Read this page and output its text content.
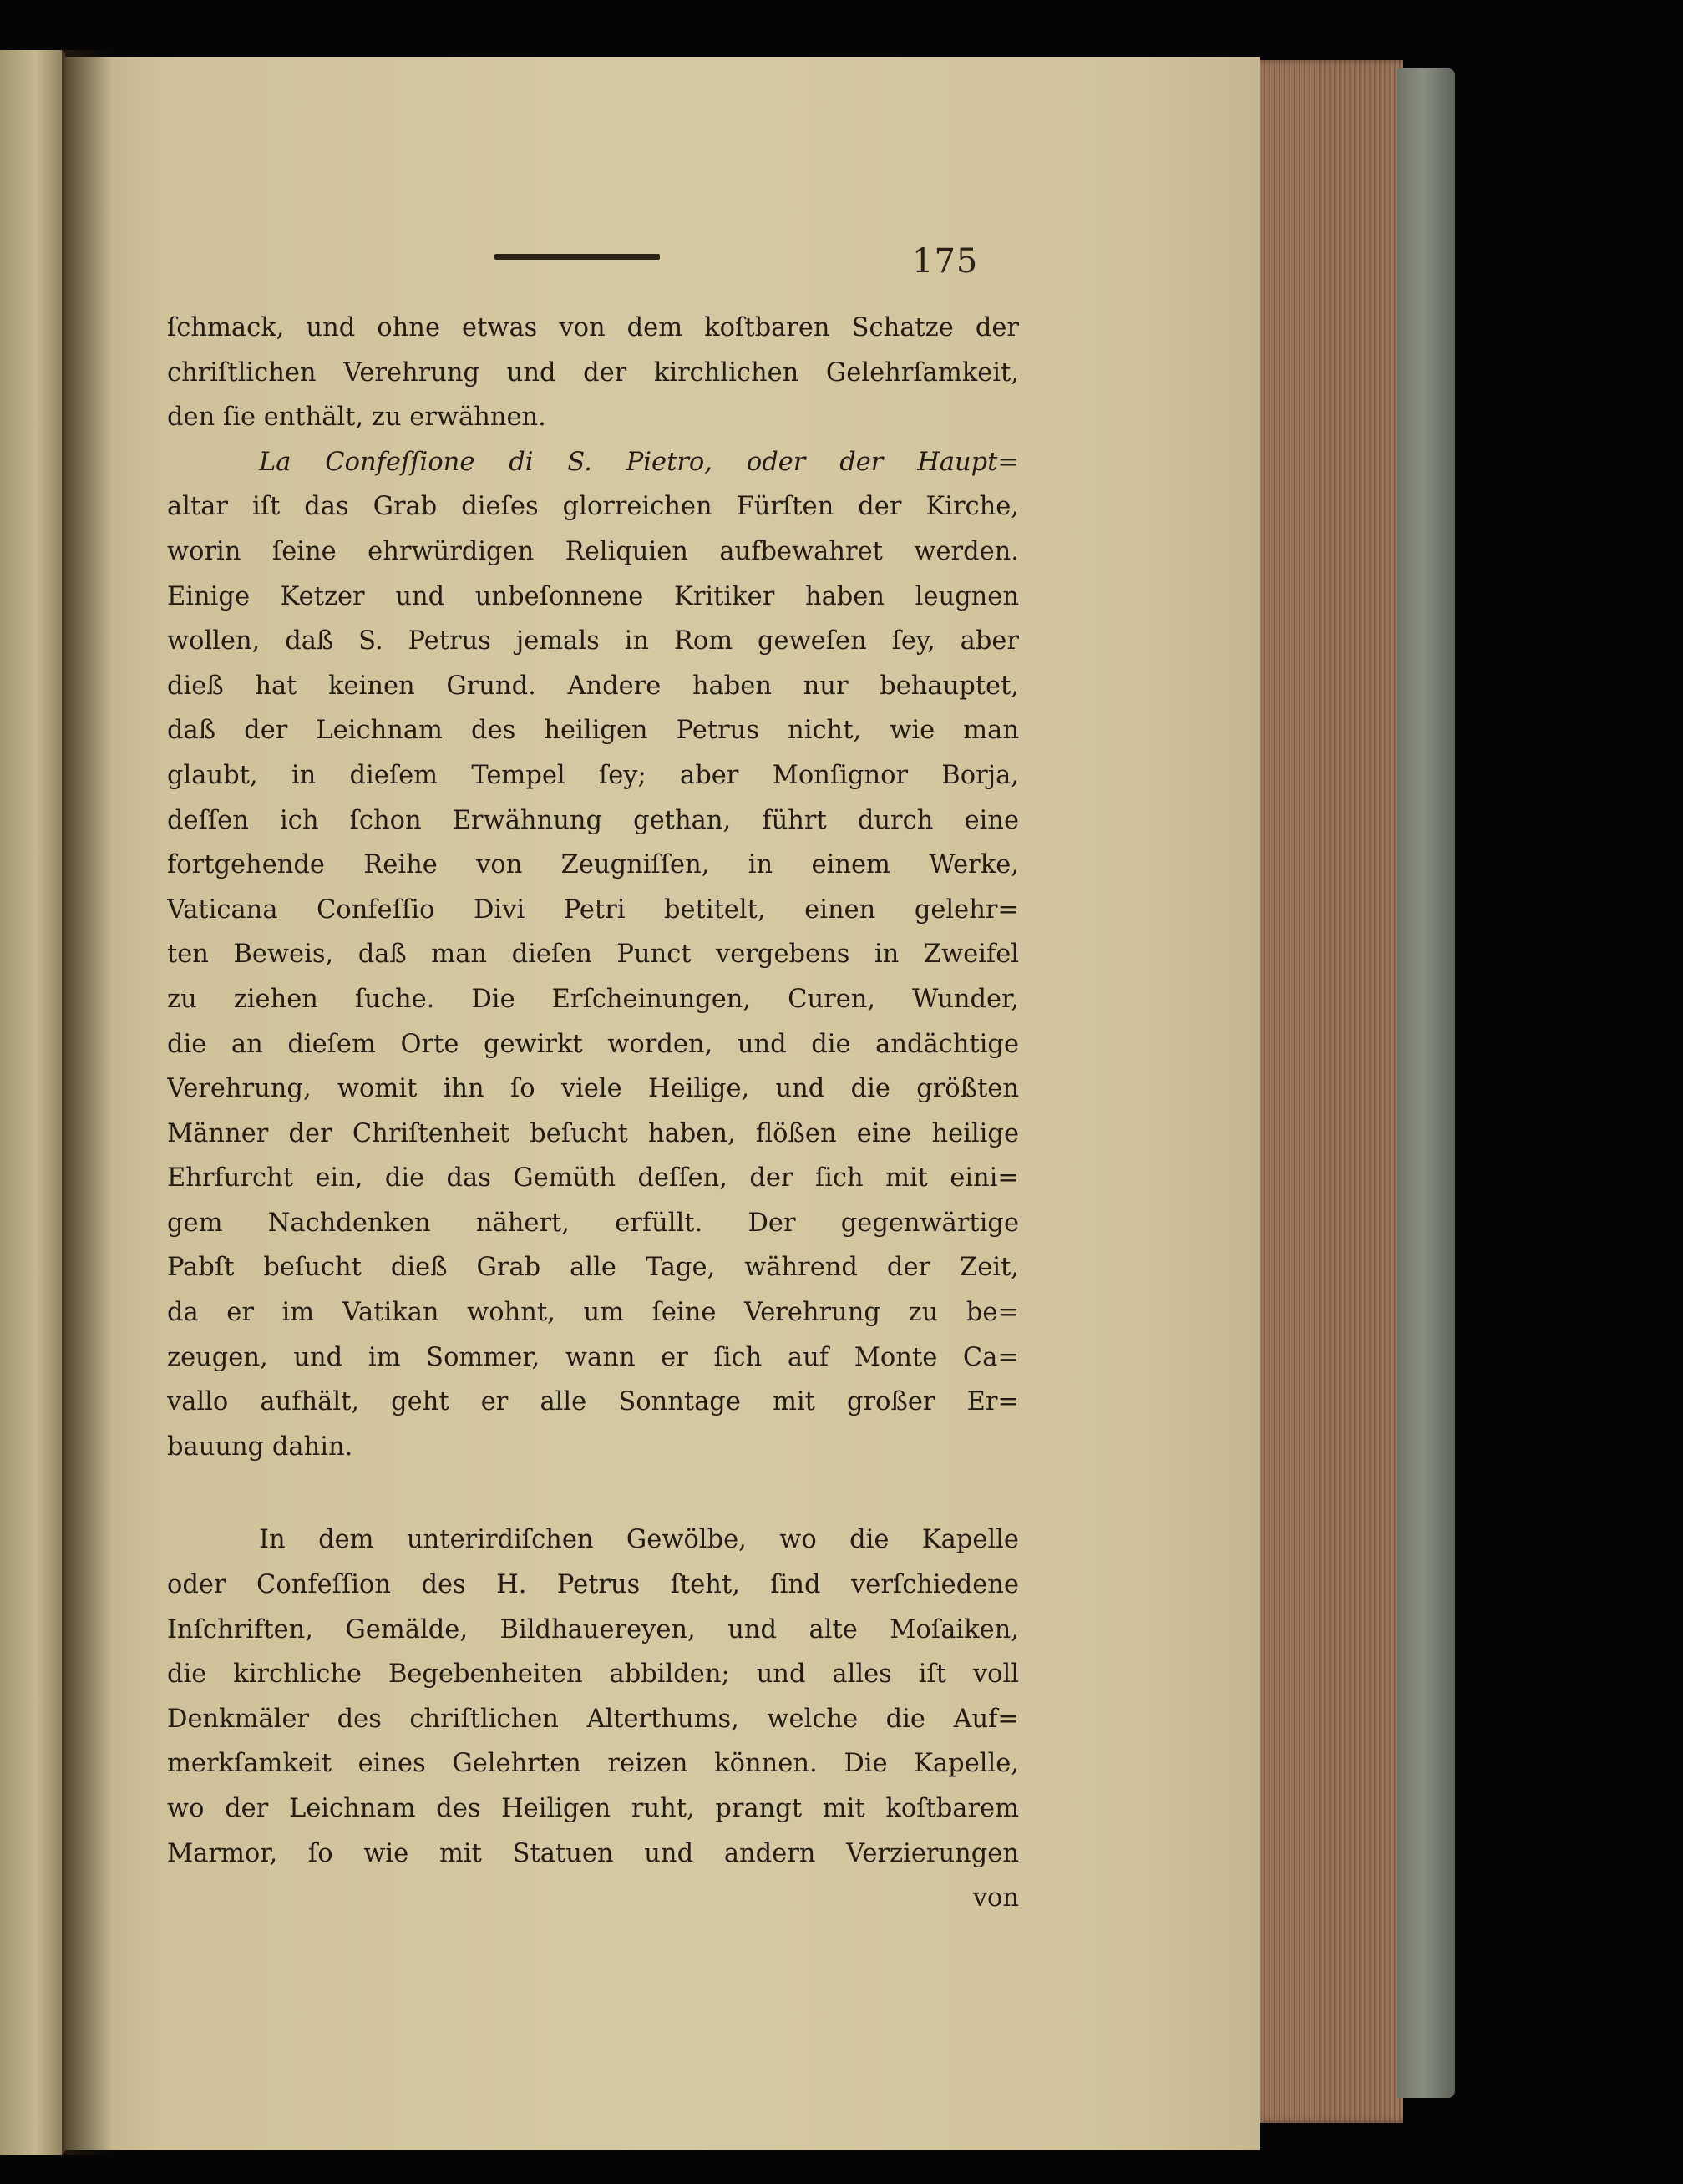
175
ſchmack, und ohne etwas von dem koſtbaren Schatze der
chriſtlichen Verehrung und der kirchlichen Gelehrſamkeit,
den ſie enthält, zu erwähnen.
La Confeſſione di S. Pietro, oder der Haupt=
altar iſt das Grab dieſes glorreichen Fürſten der Kirche,
worin ſeine ehrwürdigen Reliquien aufbewahret werden.
Einige Ketzer und unbeſonnene Kritiker haben leugnen
wollen, daß S. Petrus jemals in Rom geweſen ſey, aber
dieß hat keinen Grund. Andere haben nur behauptet,
daß der Leichnam des heiligen Petrus nicht, wie man
glaubt, in dieſem Tempel ſey; aber Monſignor Borja,
deſſen ich ſchon Erwähnung gethan, führt durch eine
fortgehende Reihe von Zeugniſſen, in einem Werke,
Vaticana Confeſſio Divi Petri betitelt, einen gelehr=
ten Beweis, daß man dieſen Punct vergebens in Zweifel
zu ziehen ſuche. Die Erſcheinungen, Curen, Wunder,
die an dieſem Orte gewirkt worden, und die andächtige
Verehrung, womit ihn ſo viele Heilige, und die größten
Männer der Chriſtenheit beſucht haben, flößen eine heilige
Ehrfurcht ein, die das Gemüth deſſen, der ſich mit eini=
gem Nachdenken nähert, erfüllt. Der gegenwärtige
Pabſt beſucht dieß Grab alle Tage, während der Zeit,
da er im Vatikan wohnt, um ſeine Verehrung zu be=
zeugen, und im Sommer, wann er ſich auf Monte Ca=
vallo aufhält, geht er alle Sonntage mit großer Er=
bauung dahin.
In dem unterirdiſchen Gewölbe, wo die Kapelle
oder Confeſſion des H. Petrus ſteht, ſind verſchiedene
Inſchriften, Gemälde, Bildhauereyen, und alte Moſaiken,
die kirchliche Begebenheiten abbilden; und alles iſt voll
Denkmäler des chriſtlichen Alterthums, welche die Auf=
merkſamkeit eines Gelehrten reizen können. Die Kapelle,
wo der Leichnam des Heiligen ruht, prangt mit koſtbarem
Marmor, ſo wie mit Statuen und andern Verzierungen
von
